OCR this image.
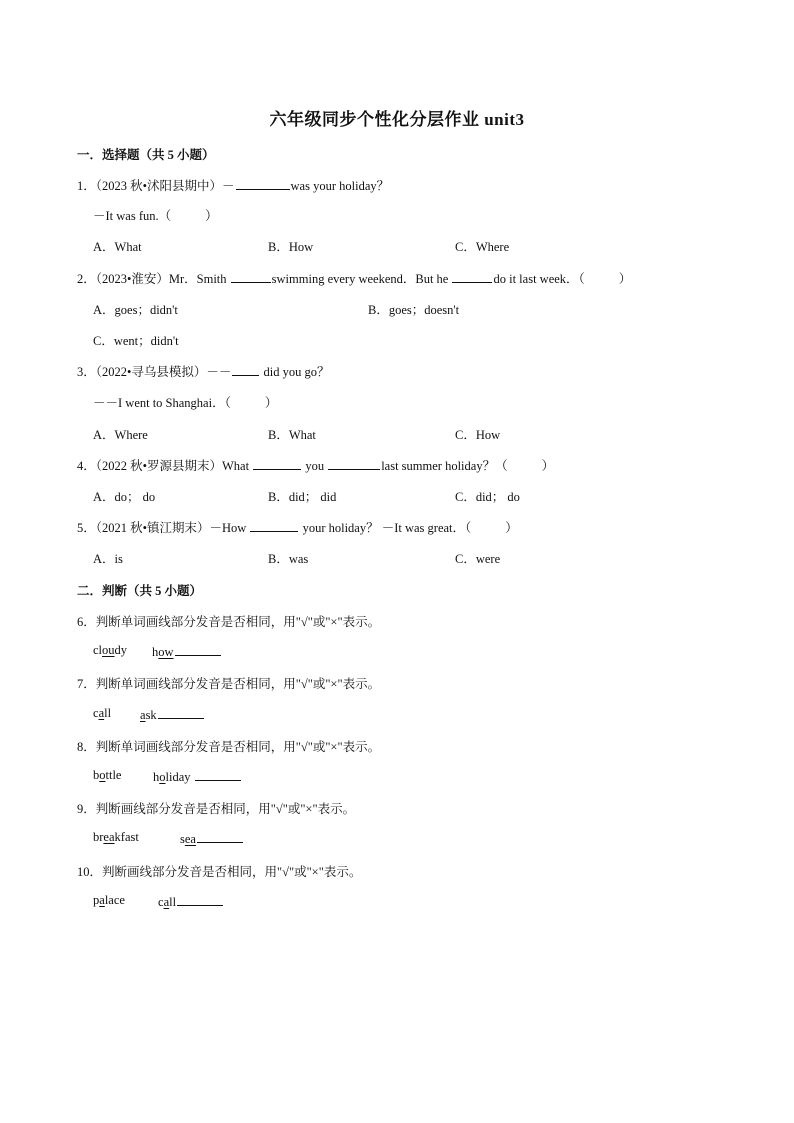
六年级同步个性化分层作业 unit3
一．选择题（共 5 小题）
1．（2023 秋•沭阳县期中）－	was your holiday？
－It was fun.（	）
A．What	B．How	C．Where
2．（2023•淮安）Mr．Smith	swimming every weekend．But he	do it last week．（	）
A．goes；didn't	B．goes；doesn't
C．went；didn't
3．（2022•寻乌县模拟）－－	did you go？
－－I went to Shanghai．（	）
A．Where	B．What	C．How
4．（2022 秋•罗源县期末）What	you	last summer holiday？（	）
A．do； do	B．did； did	C．did； do
5．（2021 秋•镇江期末）－How	your holiday？ －It was great．（	）
A．is	B．was	C．were
二．判断（共 5 小题）
6．判断单词画线部分发音是否相同，用"√"或"×"表示。
cloudy how
7．判断单词画线部分发音是否相同，用"√"或"×"表示。
call ask
8．判断单词画线部分发音是否相同，用"√"或"×"表示。
bottle	holiday
9．判断画线部分发音是否相同，用"√"或"×"表示。
breakfast	sea
10．判断画线部分发音是否相同，用"√"或"×"表示。
palace	call
